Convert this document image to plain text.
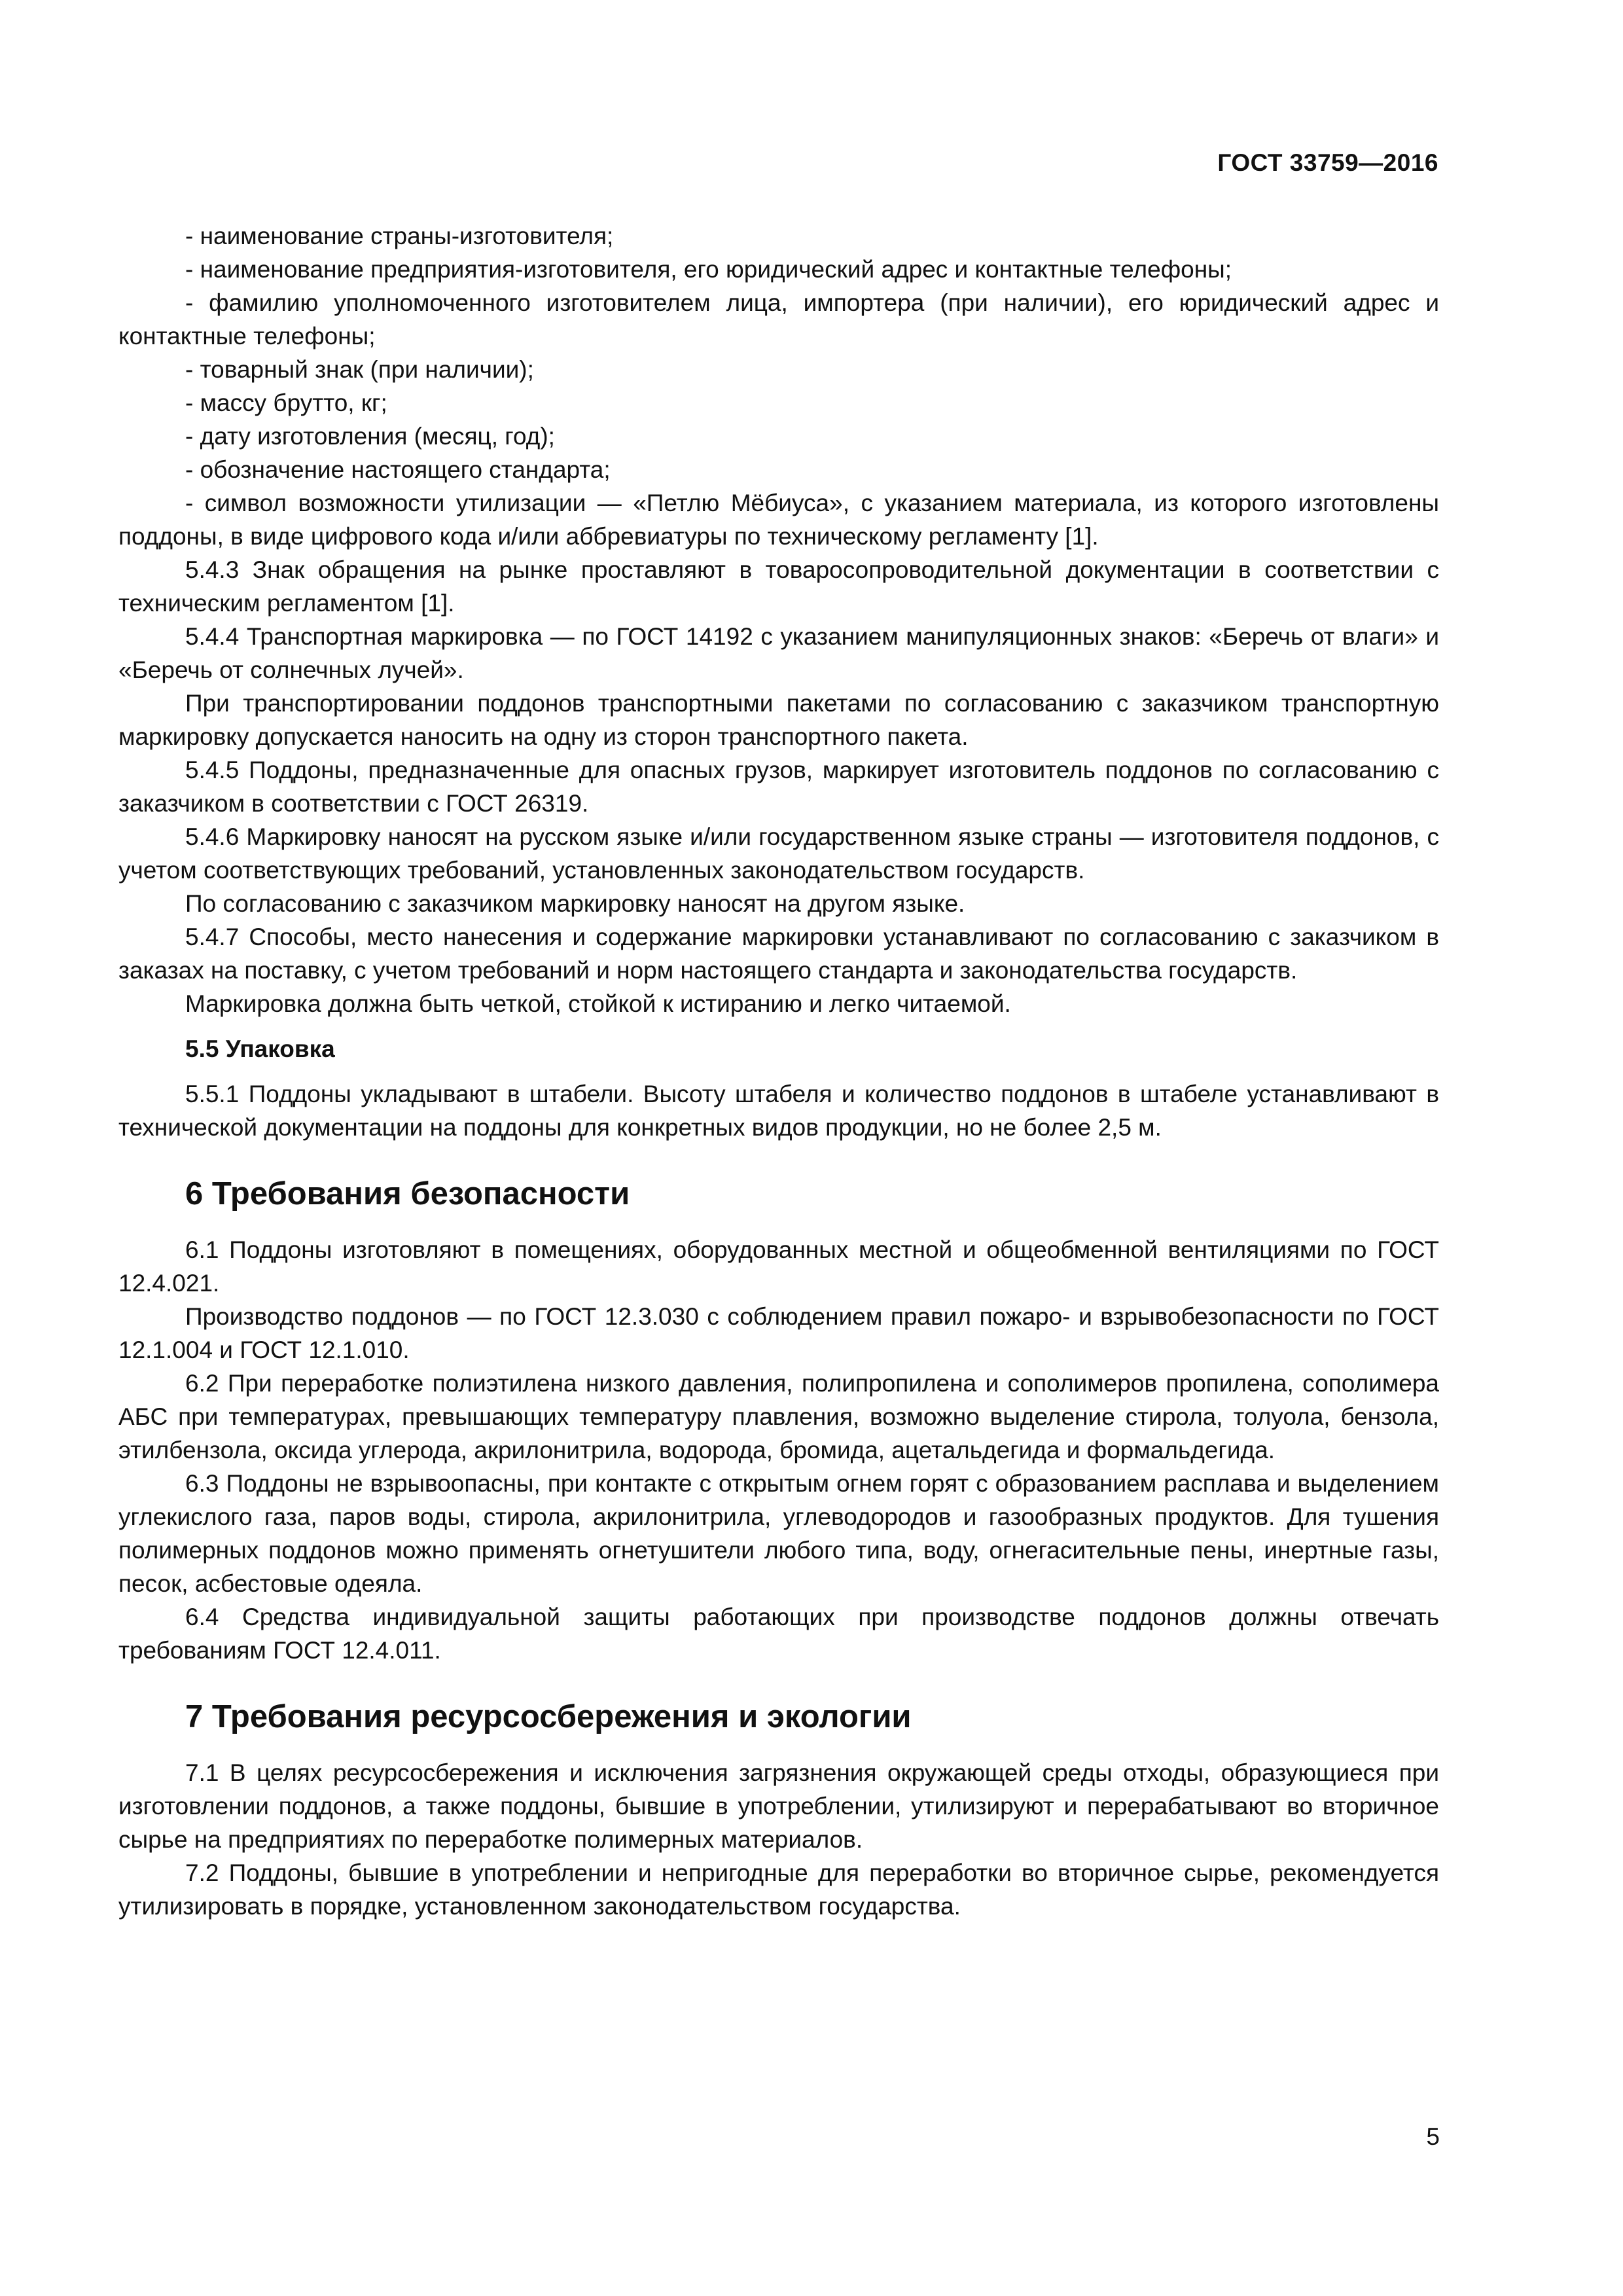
ГОСТ 33759—2016

- наименование страны-изготовителя;

- наименование предприятия-изготовителя, его юридический адрес и контактные телефоны;

- фамилию уполномоченного изготовителем лица, импортера (при наличии), его юридический адрес и контактные телефоны;

- товарный знак (при наличии);

- массу брутто, кг;

- дату изготовления (месяц, год);

- обозначение настоящего стандарта;

- символ возможности утилизации — «Петлю Мёбиуса», с указанием материала, из которого изготовлены поддоны, в виде цифрового кода и/или аббревиатуры по техническому регламенту [1].

5.4.3 Знак обращения на рынке проставляют в товаросопроводительной документации в соответствии с техническим регламентом [1].

5.4.4 Транспортная маркировка — по ГОСТ 14192 с указанием манипуляционных знаков: «Беречь от влаги» и «Беречь от солнечных лучей».

При транспортировании поддонов транспортными пакетами по согласованию с заказчиком транспортную маркировку допускается наносить на одну из сторон транспортного пакета.

5.4.5 Поддоны, предназначенные для опасных грузов, маркирует изготовитель поддонов по согласованию с заказчиком в соответствии с ГОСТ 26319.

5.4.6 Маркировку наносят на русском языке и/или государственном языке страны — изготовителя поддонов, с учетом соответствующих требований, установленных законодательством государств.

По согласованию с заказчиком маркировку наносят на другом языке.

5.4.7 Способы, место нанесения и содержание маркировки устанавливают по согласованию с заказчиком в заказах на поставку, с учетом требований и норм настоящего стандарта и законодательства государств.

Маркировка должна быть четкой, стойкой к истиранию и легко читаемой.

5.5 Упаковка

5.5.1 Поддоны укладывают в штабели. Высоту штабеля и количество поддонов в штабеле устанавливают в технической документации на поддоны для конкретных видов продукции, но не более 2,5 м.

6 Требования безопасности

6.1 Поддоны изготовляют в помещениях, оборудованных местной и общеобменной вентиляциями по ГОСТ 12.4.021.

Производство поддонов — по ГОСТ 12.3.030 с соблюдением правил пожаро- и взрывобезопасности по ГОСТ 12.1.004 и ГОСТ 12.1.010.

6.2 При переработке полиэтилена низкого давления, полипропилена и сополимеров пропилена, сополимера АБС при температурах, превышающих температуру плавления, возможно выделение стирола, толуола, бензола, этилбензола, оксида углерода, акрилонитрила, водорода, бромида, ацетальдегида и формальдегида.

6.3 Поддоны не взрывоопасны, при контакте с открытым огнем горят с образованием расплава и выделением углекислого газа, паров воды, стирола, акрилонитрила, углеводородов и газообразных продуктов. Для тушения полимерных поддонов можно применять огнетушители любого типа, воду, огнегасительные пены, инертные газы, песок, асбестовые одеяла.

6.4 Средства индивидуальной защиты работающих при производстве поддонов должны отвечать требованиям ГОСТ 12.4.011.

7 Требования ресурсосбережения и экологии

7.1 В целях ресурсосбережения и исключения загрязнения окружающей среды отходы, образующиеся при изготовлении поддонов, а также поддоны, бывшие в употреблении, утилизируют и перерабатывают во вторичное сырье на предприятиях по переработке полимерных материалов.

7.2 Поддоны, бывшие в употреблении и непригодные для переработки во вторичное сырье, рекомендуется утилизировать в порядке, установленном законодательством государства.

5
